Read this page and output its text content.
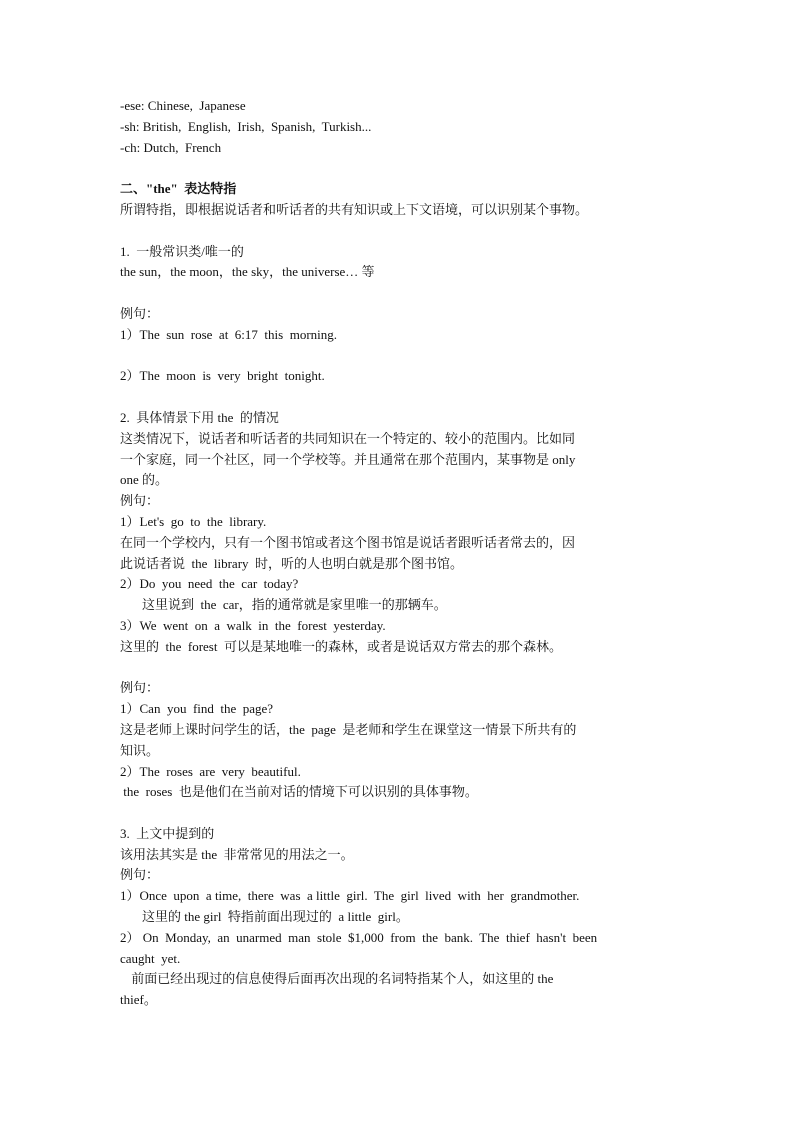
-ese: Chinese,  Japanese
-sh: British,  English,  Irish,  Spanish,  Turkish...
-ch: Dutch,  French
二、"the"  表达特指
所谓特指，即根据说话者和听话者的共有知识或上下文语境，可以识别某个事物。
1.  一般常识类/唯一的
the sun，the moon，the sky，the universe… 等
例句：
1）The  sun  rose  at  6:17  this  morning.
2）The  moon  is  very  bright  tonight.
2.  具体情景下用 the  的情况
这类情况下，说话者和听话者的共同知识在一个特定的、较小的范围内。比如同
一个家庭，同一个社区，同一个学校等。并且通常在那个范围内，某事物是 only
one 的。
例句：
1）Let's  go  to  the  library.
在同一个学校内，只有一个图书馆或者这个图书馆是说话者跟听话者常去的，因
此说话者说  the  library  时，听的人也明白就是那个图书馆。
2）Do  you  need  the  car  today?
这里说到  the  car，指的通常就是家里唯一的那辆车。
3）We  went  on  a  walk  in  the  forest  yesterday.
这里的  the  forest  可以是某地唯一的森林，或者是说话双方常去的那个森林。
例句：
1）Can  you  find  the  page?
这是老师上课时问学生的话，the  page  是老师和学生在课堂这一情景下所共有的
知识。
2）The  roses  are  very  beautiful.
the  roses  也是他们在当前对话的情境下可以识别的具体事物。
3.  上文中提到的
该用法其实是 the  非常常见的用法之一。
例句：
1）Once  upon  a time,  there  was  a little  girl.  The  girl  lived  with  her  grandmother.
这里的 the girl  特指前面出现过的  a little  girl。
2） On  Monday,  an  unarmed  man  stole  $1,000  from  the  bank.  The  thief  hasn't  been
caught  yet.
前面已经出现过的信息使得后面再次出现的名词特指某个人，如这里的 the
thief。
